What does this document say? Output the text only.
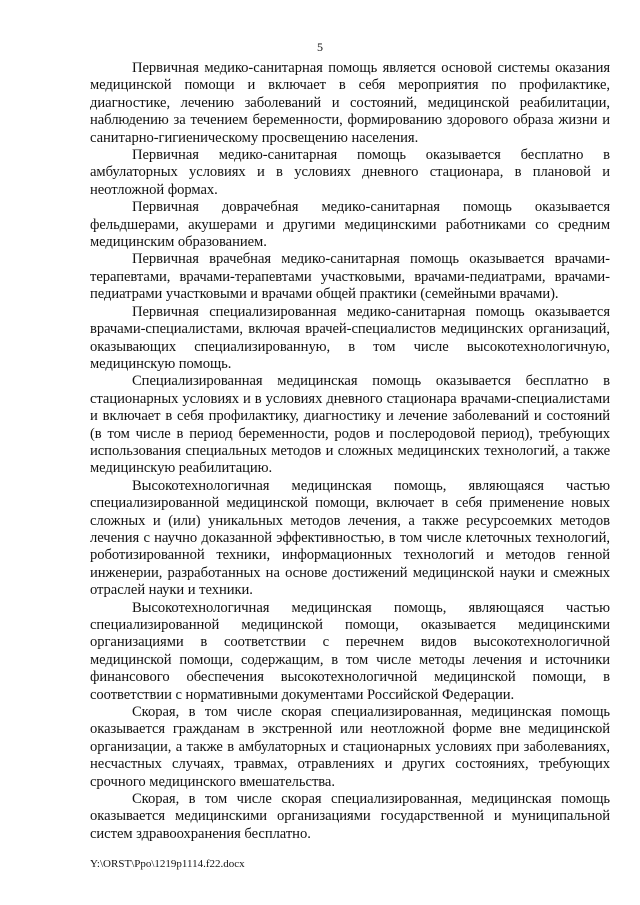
5

Первичная медико-санитарная помощь является основой системы оказания медицинской помощи и включает в себя мероприятия по профилактике, диагностике, лечению заболеваний и состояний, медицинской реабилитации, наблюдению за течением беременности, формированию здорового образа жизни и санитарно-гигиеническому просвещению населения.

Первичная медико-санитарная помощь оказывается бесплатно в амбулаторных условиях и в условиях дневного стационара, в плановой и неотложной формах.

Первичная доврачебная медико-санитарная помощь оказывается фельдшерами, акушерами и другими медицинскими работниками со средним медицинским образованием.

Первичная врачебная медико-санитарная помощь оказывается врачами-терапевтами, врачами-терапевтами участковыми, врачами-педиатрами, врачами-педиатрами участковыми и врачами общей практики (семейными врачами).

Первичная специализированная медико-санитарная помощь оказывается врачами-специалистами, включая врачей-специалистов медицинских организаций, оказывающих специализированную, в том числе высокотехнологичную, медицинскую помощь.

Специализированная медицинская помощь оказывается бесплатно в стационарных условиях и в условиях дневного стационара врачами-специалистами и включает в себя профилактику, диагностику и лечение заболеваний и состояний (в том числе в период беременности, родов и послеродовой период), требующих использования специальных методов и сложных медицинских технологий, а также медицинскую реабилитацию.

Высокотехнологичная медицинская помощь, являющаяся частью специализированной медицинской помощи, включает в себя применение новых сложных и (или) уникальных методов лечения, а также ресурсоемких методов лечения с научно доказанной эффективностью, в том числе клеточных технологий, роботизированной техники, информационных технологий и методов генной инженерии, разработанных на основе достижений медицинской науки и смежных отраслей науки и техники.

Высокотехнологичная медицинская помощь, являющаяся частью специализированной медицинской помощи, оказывается медицинскими организациями в соответствии с перечнем видов высокотехнологичной медицинской помощи, содержащим, в том числе методы лечения и источники финансового обеспечения высокотехнологичной медицинской помощи, в соответствии с нормативными документами Российской Федерации.

Скорая, в том числе скорая специализированная, медицинская помощь оказывается гражданам в экстренной или неотложной форме вне медицинской организации, а также в амбулаторных и стационарных условиях при заболеваниях, несчастных случаях, травмах, отравлениях и других состояниях, требующих срочного медицинского вмешательства.

Скорая, в том числе скорая специализированная, медицинская помощь оказывается медицинскими организациями государственной и муниципальной систем здравоохранения бесплатно.

Y:\ORST\Ppo\1219p1114.f22.docx
